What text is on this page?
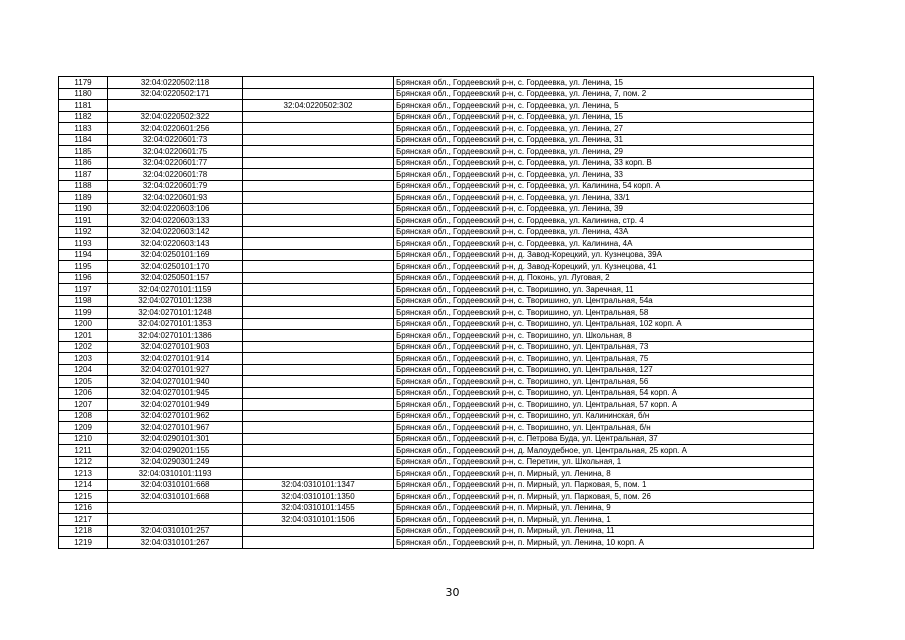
1179	32:04:0220502:118		Брянская обл., Гордеевский р-н, с. Гордеевка, ул. Ленина, 15
1180	32:04:0220502:171		Брянская обл., Гордеевский р-н, с. Гордеевка, ул. Ленина, 7, пом. 2
1181		32:04:0220502:302	Брянская обл., Гордеевский р-н, с. Гордеевка, ул. Ленина, 5
1182	32:04:0220502:322		Брянская обл., Гордеевский р-н, с. Гордеевка, ул. Ленина, 15
1183	32:04:0220601:256		Брянская обл., Гордеевский р-н, с. Гордеевка, ул. Ленина, 27
1184	32:04:0220601:73		Брянская обл., Гордеевский р-н, с. Гордеевка, ул. Ленина, 31
1185	32:04:0220601:75		Брянская обл., Гордеевский р-н, с. Гордеевка, ул. Ленина, 29
1186	32:04:0220601:77		Брянская обл., Гордеевский р-н, с. Гордеевка, ул. Ленина, 33 корп. В
1187	32:04:0220601:78		Брянская обл., Гордеевский р-н, с. Гордеевка, ул. Ленина, 33
1188	32:04:0220601:79		Брянская обл., Гордеевский р-н, с. Гордеевка, ул. Калинина, 54 корп. А
1189	32:04:0220601:93		Брянская обл., Гордеевский р-н, с. Гордеевка, ул. Ленина, 33/1
1190	32:04:0220603:106		Брянская обл., Гордеевский р-н, с. Гордеевка, ул. Ленина, 39
1191	32:04:0220603:133		Брянская обл., Гордеевский р-н, с. Гордеевка, ул. Калинина, стр. 4
1192	32:04:0220603:142		Брянская обл., Гордеевский р-н, с. Гордеевка, ул. Ленина, 43А
1193	32:04:0220603:143		Брянская обл., Гордеевский р-н, с. Гордеевка, ул. Калинина, 4А
1194	32:04:0250101:169		Брянская обл., Гордеевский р-н, д. Завод-Корецкий, ул. Кузнецова, 39А
1195	32:04:0250101:170		Брянская обл., Гордеевский р-н, д. Завод-Корецкий, ул. Кузнецова, 41
1196	32:04:0250501:157		Брянская обл., Гордеевский р-н, д. Поконь, ул. Луговая, 2
1197	32:04:0270101:1159		Брянская обл., Гордеевский р-н, с. Творишино, ул. Заречная, 11
1198	32:04:0270101:1238		Брянская обл., Гордеевский р-н, с. Творишино, ул. Центральная, 54а
1199	32:04:0270101:1248		Брянская обл., Гордеевский р-н, с. Творишино, ул. Центральная, 58
1200	32:04:0270101:1353		Брянская обл., Гордеевский р-н, с. Творишино, ул. Центральная, 102 корп. А
1201	32:04:0270101:1386		Брянская обл., Гордеевский р-н, с. Творишино, ул. Школьная, 8
1202	32:04:0270101:903		Брянская обл., Гордеевский р-н, с. Творишино, ул. Центральная, 73
1203	32:04:0270101:914		Брянская обл., Гордеевский р-н, с. Творишино, ул. Центральная, 75
1204	32:04:0270101:927		Брянская обл., Гордеевский р-н, с. Творишино, ул. Центральная, 127
1205	32:04:0270101:940		Брянская обл., Гордеевский р-н, с. Творишино, ул. Центральная, 56
1206	32:04:0270101:945		Брянская обл., Гордеевский р-н, с. Творишино, ул. Центральная, 54 корп. А
1207	32:04:0270101:949		Брянская обл., Гордеевский р-н, с. Творишино, ул. Центральная, 57 корп. А
1208	32:04:0270101:962		Брянская обл., Гордеевский р-н, с. Творишино, ул. Калининская, б/н
1209	32:04:0270101:967		Брянская обл., Гордеевский р-н, с. Творишино, ул. Центральная, б/н
1210	32:04:0290101:301		Брянская обл., Гордеевский р-н, с. Петрова Буда, ул. Центральная, 37
1211	32:04:0290201:155		Брянская обл., Гордеевский р-н, д. Малоудебное, ул. Центральная, 25 корп. А
1212	32:04:0290301:249		Брянская обл., Гордеевский р-н, с. Перетин, ул. Школьная, 1
1213	32:04:0310101:1193		Брянская обл., Гордеевский р-н, п. Мирный, ул. Ленина, 8
1214	32:04:0310101:668	32:04:0310101:1347	Брянская обл., Гордеевский р-н, п. Мирный, ул. Парковая, 5, пом. 1
1215	32:04:0310101:668	32:04:0310101:1350	Брянская обл., Гордеевский р-н, п. Мирный, ул. Парковая, 5, пом. 26
1216		32:04:0310101:1455	Брянская обл., Гордеевский р-н, п. Мирный, ул. Ленина, 9
1217		32:04:0310101:1506	Брянская обл., Гордеевский р-н, п. Мирный, ул. Ленина, 1
1218	32:04:0310101:257		Брянская обл., Гордеевский р-н, п. Мирный, ул. Ленина, 11
1219	32:04:0310101:267		Брянская обл., Гордеевский р-н, п. Мирный, ул. Ленина, 10 корп. А
30
